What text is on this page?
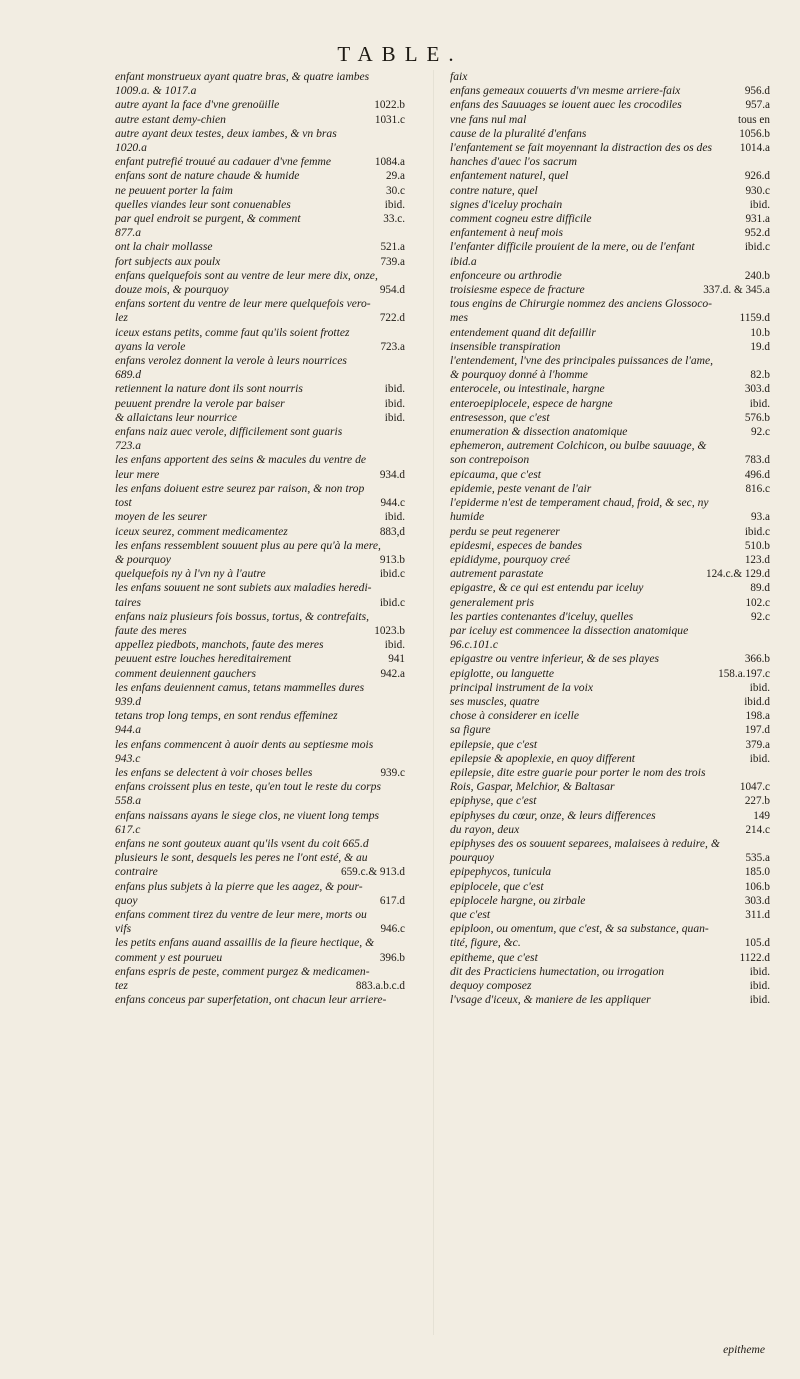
TABLE.
enfant monstrueux ayant quatre bras, & quatre iambes
1009.a. & 1017.a
autre ayant la face d'vne grenoüille	1022.b
autre estant demy-chien	1031.c
autre ayant deux testes, deux iambes, & vn bras
1020.a
enfant putrefié trouué au cadauer d'vne femme	1084.a
enfans sont de nature chaude & humide	29.a
ne peuuent porter la faim	30.c
quelles viandes leur sont conuenables	ibid.
par quel endroit se purgent, & comment	33.c.
877.a
ont la chair mollasse	521.a
fort subjects aux poulx	739.a
enfans quelquefois sont au ventre de leur mere dix, onze,
douze mois, & pourquoy	954.d
enfans sortent du ventre de leur mere quelquefois vero-
lez	722.d
iceux estans petits, comme faut qu'ils soient frottez
ayans la verole	723.a
enfans verolez donnent la verole à leurs nourrices
689.d
retiennent la nature dont ils sont nourris	ibid.
peuuent prendre la verole par baiser	ibid.
& allaictans leur nourrice	ibid.
enfans naiz auec verole, difficilement sont guaris
723.a
les enfans apportent des seins & macules du ventre de
leur mere	934.d
les enfans doiuent estre seurez par raison, & non trop
tost	944.c
moyen de les seurer	ibid.
iceux seurez, comment medicamentez	883,d
les enfans ressemblent souuent plus au pere qu'à la mere,
& pourquoy	913.b
quelquefois ny à l'vn ny à l'autre	ibid.c
les enfans souuent ne sont subiets aux maladies heredi-
taires	ibid.c
enfans naiz plusieurs fois bossus, tortus, & contrefaits,
faute des meres	1023.b
appellez piedbots, manchots, faute des meres	ibid.
peuuent estre louches hereditairement	941
comment deuiennent gauchers	942.a
les enfans deuiennent camus, tetans mammelles dures
939.d
tetans trop long temps, en sont rendus effeminez
944.a
les enfans commencent à auoir dents au septiesme mois
943.c
les enfans se delectent à voir choses belles	939.c
enfans croissent plus en teste, qu'en tout le reste du corps
558.a
enfans naissans ayans le siege clos, ne viuent long temps
617.c
enfans ne sont gouteux auant qu'ils vsent du coit 665.d
plusieurs le sont, desquels les peres ne l'ont esté, & au
contraire	659.c.& 913.d
enfans plus subjets à la pierre que les aagez, & pour-
quoy	617.d
enfans comment tirez du ventre de leur mere, morts ou
vifs	946.c
les petits enfans auand assaillis de la fieure hectique, &
comment y est pourueu	396.b
enfans espris de peste, comment purgez & medicamen-
tez	883.a.b.c.d
enfans conceus par superfetation, ont chacun leur arriere-
faix
enfans gemeaux couuerts d'vn mesme arriere-faix	956.d
enfans des Sauuages se iouent auec les crocodiles	957.a
vne fans nul mal	tous en
cause de la pluralité d'enfans	1056.b
l'enfantement se fait moyennant la distraction des os des	1014.a
hanches d'auec l'os sacrum
enfantement naturel, quel	926.d
contre nature, quel	930.c
signes d'iceluy prochain	ibid.
comment cogneu estre difficile	931.a
enfantement à neuf mois	952.d
l'enfanter difficile prouient de la mere, ou de l'enfant	ibid.c
ibid.a
enfonceure ou arthrodie	240.b
troisiesme espece de fracture	337.d. & 345.a
tous engins de Chirurgie nommez des anciens Glossoco-
mes	1159.d
entendement quand dit defaillir	10.b
insensible transpiration	19.d
l'entendement, l'vne des principales puissances de l'ame,
& pourquoy donné à l'homme	82.b
enterocele, ou intestinale, hargne	303.d
enteroepiplocele, espece de hargne	ibid.
entresesson, que c'est	576.b
enumeration & dissection anatomique	92.c
ephemeron, autrement Colchicon, ou bulbe sauuage, &
son contrepoison	783.d
epicauma, que c'est	496.d
epidemie, peste venant de l'air	816.c
l'epiderme n'est de temperament chaud, froid, & sec, ny
humide	93.a
perdu se peut regenerer	ibid.c
epidesmi, especes de bandes	510.b
epididyme, pourquoy creé	123.d
autrement parastate	124.c.& 129.d
epigastre, & ce qui est entendu par iceluy	89.d
generalement pris	102.c
les parties contenantes d'iceluy, quelles	92.c
par iceluy est commencee la dissection anatomique
96.c.101.c
epigastre ou ventre inferieur, & de ses playes	366.b
epiglotte, ou languette	158.a.197.c
principal instrument de la voix	ibid.
ses muscles, quatre	ibid.d
chose à considerer en icelle	198.a
sa figure	197.d
epilepsie, que c'est	379.a
epilepsie & apoplexie, en quoy different	ibid.
epilepsie, dite estre guarie pour porter le nom des trois
Rois, Gaspar, Melchior, & Baltasar	1047.c
epiphyse, que c'est	227.b
epiphyses du cœur, onze, & leurs differences	149
du rayon, deux	214.c
epiphyses des os souuent separees, malaisees à reduire, &
pourquoy	535.a
epipephycos, tunicula	185.0
epiplocele, que c'est	106.b
epiplocele hargne, ou zirbale	303.d
que c'est	311.d
epiploon, ou omentum, que c'est, & sa substance, quan-
tité, figure, &c.	105.d
epitheme, que c'est	1122.d
dit des Practiciens humectation, ou irrogation	ibid.
dequoy composez	ibid.
l'vsage d'iceux, & maniere de les appliquer	ibid.
epitheme
